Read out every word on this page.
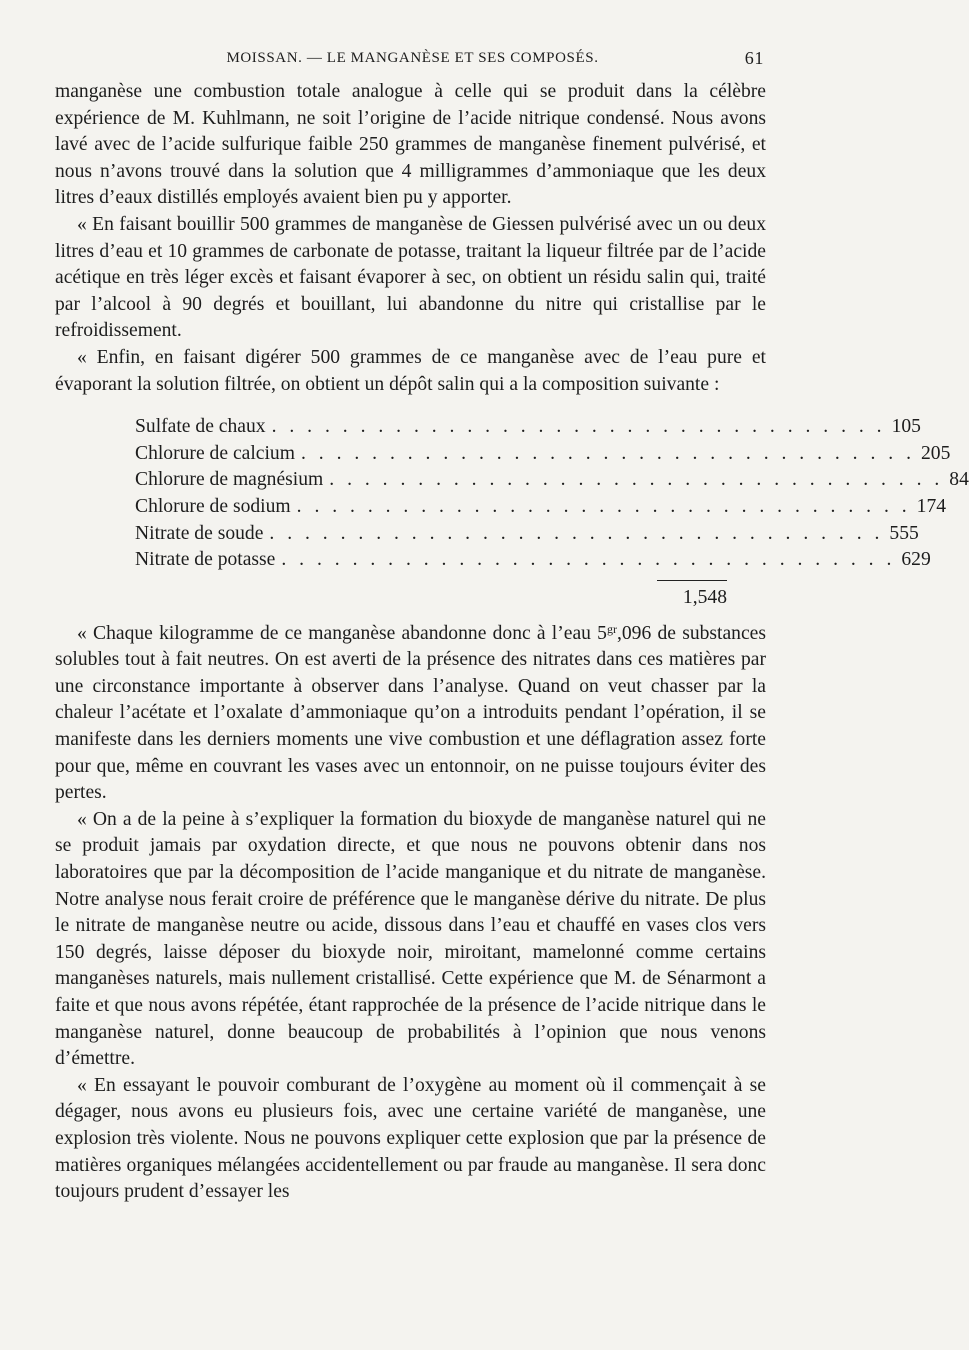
MOISSAN. — LE MANGANÈSE ET SES COMPOSÉS.	61

manganèse une combustion totale analogue à celle qui se produit dans la célèbre expérience de M. Kuhlmann, ne soit l’origine de l’acide nitrique condensé. Nous avons lavé avec de l’acide sulfurique faible 250 grammes de manganèse finement pulvérisé, et nous n’avons trouvé dans la solution que 4 milligrammes d’ammoniaque que les deux litres d’eaux distillés employés avaient bien pu y apporter.

« En faisant bouillir 500 grammes de manganèse de Giessen pulvérisé avec un ou deux litres d’eau et 10 grammes de carbonate de potasse, traitant la liqueur filtrée par de l’acide acétique en très léger excès et faisant évaporer à sec, on obtient un résidu salin qui, traité par l’alcool à 90 degrés et bouillant, lui abandonne du nitre qui cristallise par le refroidissement.

« Enfin, en faisant digérer 500 grammes de ce manganèse avec de l’eau pure et évaporant la solution filtrée, on obtient un dépôt salin qui a la composition suivante :

Sulfate de chaux . . . . . . . . . . . . . . . . . . . . . . . . . . . . . . . . . . . 105
Chlorure de calcium . . . . . . . . . . . . . . . . . . . . . . . . . . . . . . . . . . . 205
Chlorure de magnésium . . . . . . . . . . . . . . . . . . . . . . . . . . . . . . . . . . . 84
Chlorure de sodium . . . . . . . . . . . . . . . . . . . . . . . . . . . . . . . . . . . 174
Nitrate de soude . . . . . . . . . . . . . . . . . . . . . . . . . . . . . . . . . . . 555
Nitrate de potasse . . . . . . . . . . . . . . . . . . . . . . . . . . . . . . . . . . . 629
1,548

« Chaque kilogramme de ce manganèse abandonne donc à l’eau $5^{gr},096$ de substances solubles tout à fait neutres. On est averti de la présence des nitrates dans ces matières par une circonstance importante à observer dans l’analyse. Quand on veut chasser par la chaleur l’acétate et l’oxalate d’ammoniaque qu’on a introduits pendant l’opération, il se manifeste dans les derniers moments une vive combustion et une déflagration assez forte pour que, même en couvrant les vases avec un entonnoir, on ne puisse toujours éviter des pertes.

« On a de la peine à s’expliquer la formation du bioxyde de manganèse naturel qui ne se produit jamais par oxydation directe, et que nous ne pouvons obtenir dans nos laboratoires que par la décomposition de l’acide manganique et du nitrate de manganèse. Notre analyse nous ferait croire de préférence que le manganèse dérive du nitrate. De plus le nitrate de manganèse neutre ou acide, dissous dans l’eau et chauffé en vases clos vers 150 degrés, laisse déposer du bioxyde noir, miroitant, mamelonné comme certains manganèses naturels, mais nullement cristallisé. Cette expérience que M. de Sénarmont a faite et que nous avons répétée, étant rapprochée de la présence de l’acide nitrique dans le manganèse naturel, donne beaucoup de probabilités à l’opinion que nous venons d’émettre.

« En essayant le pouvoir comburant de l’oxygène au moment où il commençait à se dégager, nous avons eu plusieurs fois, avec une certaine variété de manganèse, une explosion très violente. Nous ne pouvons expliquer cette explosion que par la présence de matières organiques mélangées accidentellement ou par fraude au manganèse. Il sera donc toujours prudent d’essayer les
